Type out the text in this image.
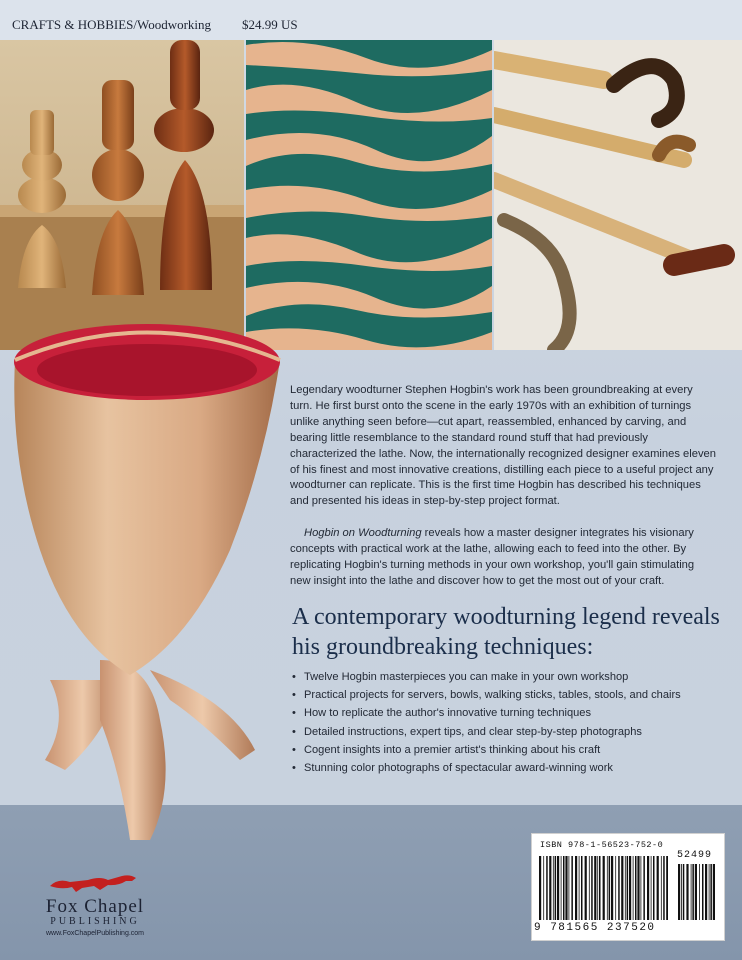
CRAFTS & HOBBIES/Woodworking $24.99 US

Legendary woodturner Stephen Hogbin's work has been groundbreaking at every turn. He first burst onto the scene in the early 1970s with an exhibition of turnings unlike anything seen before—cut apart, reassembled, enhanced by carving, and bearing little resemblance to the standard round stuff that had previously characterized the lathe. Now, the internationally recognized designer examines eleven of his finest and most innovative creations, distilling each piece to a useful project any woodturner can replicate. This is the first time Hogbin has described his techniques and presented his ideas in step-by-step project format.

Hogbin on Woodturning reveals how a master designer integrates his visionary concepts with practical work at the lathe, allowing each to feed into the other. By replicating Hogbin's turning methods in your own workshop, you'll gain stimulating new insight into the lathe and discover how to get the most out of your craft.

A contemporary woodturning legend reveals his groundbreaking techniques:
• Twelve Hogbin masterpieces you can make in your own workshop
• Practical projects for servers, bowls, walking sticks, tables, stools, and chairs
• How to replicate the author's innovative turning techniques
• Detailed instructions, expert tips, and clear step-by-step photographs
• Cogent insights into a premier artist's thinking about his craft
• Stunning color photographs of spectacular award-winning work
Fox Chapel
PUBLISHING
www.FoxChapelPublishing.com
ISBN 978-1-56523-752-0
52499
9 781565 237520
